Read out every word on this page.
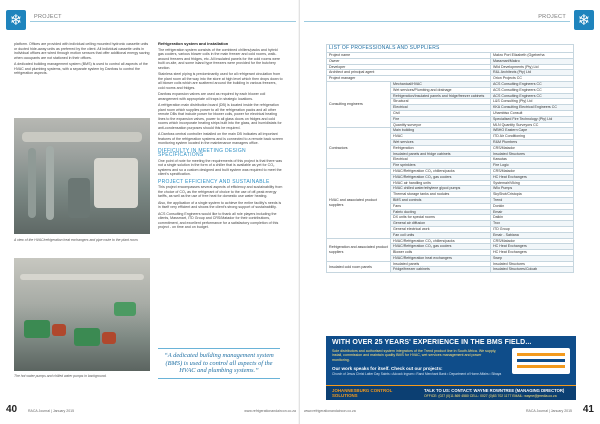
❄	PROJECT

platform. Offices are provided with individual ceiling mounted hydronic cassette units or ducted hide-away units as preferred by the client. All individual cassette units in individual offices are wired through motion sensors that offer additional energy saving when occupants are not stationed in their offices.

A dedicated building management system (BMS) is used to control all aspects of the HVAC and plumbing systems, with a separate system by Danfoss to control the refrigeration aspects.

A view of the HVAC/refrigeration heat exchangers and pipe route to the plant room.
The hot water pumps and chilled water pumps in background.
Refrigeration system and installation

The refrigeration system consists of the combined chillers/packs and hybrid gas coolers, various blower coils in the main freezer and cold rooms, walk-around freezers and fridges, etc. All insulated panels for the cold rooms were built on-site, and some island type freezers were provided for the butchery section.

Stainless steel piping is predominantly used for all refrigerant circulation from the plant room all the way into the store at high level which then drops down to all blower coils which are scattered around the building in various freezers, cold rooms and fridges.

Danfoss expansion valves are used as required by each blower coil arrangement with appropriate oil traps in strategic locations.

A refrigeration main distribution board (DB) is located inside the refrigeration plant room which supplies power to all the refrigeration packs and all other remote DBs that include power for blower coils, power for electrical heating lines to the expansion valves, power to all glass doors on fridges and cold rooms which incorporate heating strips built into the glass, and humidistats for anti-condensation purposes should this be required.

A Danfoss central controller installed on the main DB indicates all important features of the refrigeration systems and is connected to a remote back screen monitoring system located in the maintenance managers office.

DIFFICULTY IN MEETING DESIGN SPECIFICATIONS

One point of note for meeting the requirements of this project is that there was not a single solution in the form of a chiller that is available as yet for CO₂ systems and so a custom designed and built system was required to meet the client’s specification.

PROJECT EFFICIENCY AND SUSTAINABLE

This project encompasses several aspects of efficiency and sustainability from the choice of CO₂ as the refrigerant of choice to the use of off-peak energy tariffs, as well as the use of free heat for domestic use water heating.

Also, the application of a single system to achieve the entire facility’s needs is in itself very efficient and shows the client’s strong support of sustainability.

ACS Consulting Engineers would like to thank all role players including the clients, Massmart, ITD Group and CRS/Matador for their contributions, commitment, and excellent performance for a satisfactory completion of this project - on time and on budget.

“A dedicated building management system (BMS) is used to control all aspects of the HVAC and plumbing systems.”
40	RACA Journal | January 2015	www.refrigerationandaircon.co.za
PROJECT ❄
LIST OF PROFESSIONALS AND SUPPLIERS		
Project name		Makro Port Elizabeth (Ggeberha
Owner		Massmart/Makro
Developer		Wild Developments (Pty) Ltd
Architect and principal agent		R&L Architects (Pty) Ltd
Project manager		Orion Projects CC
Consulting engineers	Mechanical/HVAC	ACS Consulting Engineers CC
	Wet services/Plumbing and drainage	ACS Consulting Engineers CC
	Refrigeration/Insulated panels and fridge/freezer cabinets	ACS Consulting Engineers CC
	Structural	L&S Consulting (Pty) Ltd
	Electrical	KKA Consulting Electrical Engineers CC
	Civil	Uhambiso Consult
	Fire	Specialised Fire Technology (Pty) Ltd
	Quantity surveyor	MLN Quantity Surveyors CC
Contractors	Main building	WBHO Eastern Cape
	HVAC	ITD Air Conditioning
	Wet services	R&M Plumbers
	Refrigeration	CRS/Matador
	Insulated panels and fridge cabinets	Insulated Structures
	Electrical	Kawutas
	Fire sprinklers	Fire Logic
HVAC and associated product suppliers	HVAC/Refrigeration CO₂ chillers/packs	CRS/Matador
	HVAC/Refrigeration CO₂ gas coolers	HC Heat Exchangers
	HVAC air handling units	Systemair/Viking
	HVAC chilled water/ethylene glycol pumps	Wilo Pumps
	Thermal storage tanks and nodules	SkyShot/Cristopia
	BMS and controls	Trend
	Fans	Donkin
	Fabric ducting	Emair
	DX units for special rooms	Daikin
	General air diffusion	Trox
	General electrical work	ITD Group
	Fan coil units	Emair - Sabiana
Refrigeration and associated product suppliers	HVAC/Refrigeration CO₂ chillers/packs	CRS/Matador
	HVAC/Refrigeration CO₂ gas coolers	HC Heat Exchangers
	Blower coils	HC Heat Exchangers
	HVAC/Refrigeration heat exchangers	Swep
Insulated cold room panels	Insulated panels	Insulated Structures
	Fridge/freezer cabinets	Insulated Structures/Colcab
WITH OVER 25 YEARS' EXPERIENCE IN THE BMS FIELD...
Sole distributors and authorised system integrators of the Trend product line in South Africa. We supply, install, commission and maintain quality BMS for HVAC, wet services management and power monitoring.
Our work speaks for itself. Check out our projects:
Church of Jesus Christ Latter Day Saints • Adcock Ingram • Rand Merchant Bank • Department of Home Affairs • Sibaya
JOHANNESBURG CONTROL SOLUTIONS
TALK TO US: CONTACT: WAYNE ROWNTREE (MANAGING DIRECTOR)
OFFICE: (027 (0)11 869 4580 CELL: 0027 (0)83 702 1177 EMAIL: wayne@jmedia.co.za
www.refrigerationandaircon.co.za	RACA Journal | January 2015 41
